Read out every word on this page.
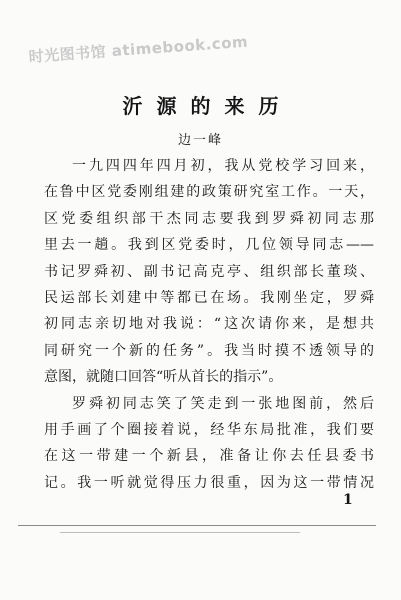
时光图书馆 atimebook.com
沂源的来历
边一峰
一九四四年四月初，我从党校学习回来，
在鲁中区党委刚组建的政策研究室工作。一天，
区党委组织部干杰同志要我到罗舜初同志那
里去一趟。我到区党委时，几位领导同志——
书记罗舜初、副书记高克亭、组织部长董琰、
民运部长刘建中等都已在场。我刚坐定，罗舜
初同志亲切地对我说：“这次请你来，是想共
同研究一个新的任务”。我当时摸不透领导的
意图，就随口回答“听从首长的指示”。
罗舜初同志笑了笑走到一张地图前，然后
用手画了个圈接着说，经华东局批准，我们要
在这一带建一个新县，准备让你去任县委书
记。我一听就觉得压力很重，因为这一带情况
1
